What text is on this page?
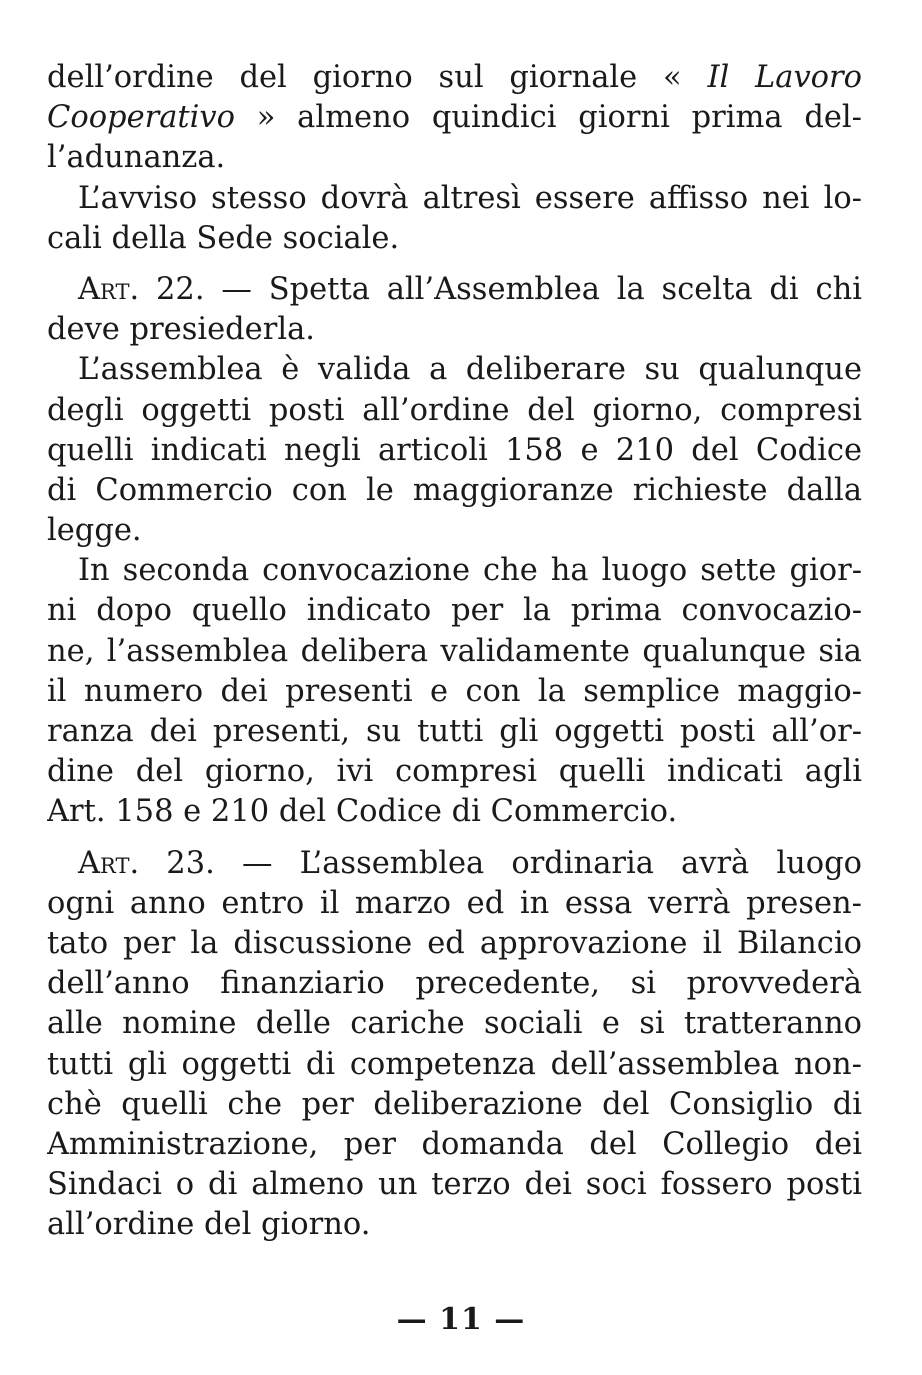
dell’ordine del giorno sul giornale « Il Lavoro
Cooperativo » almeno quindici giorni prima del-
l’adunanza.
L’avviso stesso dovrà altresì essere affisso nei lo-
cali della Sede sociale.
Art. 22. — Spetta all’Assemblea la scelta di chi
deve presiederla.
L’assemblea è valida a deliberare su qualunque
degli oggetti posti all’ordine del giorno, compresi
quelli indicati negli articoli 158 e 210 del Codice
di Commercio con le maggioranze richieste dalla
legge.
In seconda convocazione che ha luogo sette gior-
ni dopo quello indicato per la prima convocazio-
ne, l’assemblea delibera validamente qualunque sia
il numero dei presenti e con la semplice maggio-
ranza dei presenti, su tutti gli oggetti posti all’or-
dine del giorno, ivi compresi quelli indicati agli
Art. 158 e 210 del Codice di Commercio.
Art. 23. — L’assemblea ordinaria avrà luogo
ogni anno entro il marzo ed in essa verrà presen-
tato per la discussione ed approvazione il Bilancio
dell’anno finanziario precedente, si provvederà
alle nomine delle cariche sociali e si tratteranno
tutti gli oggetti di competenza dell’assemblea non-
chè quelli che per deliberazione del Consiglio di
Amministrazione, per domanda del Collegio dei
Sindaci o di almeno un terzo dei soci fossero posti
all’ordine del giorno.
— 11 —
